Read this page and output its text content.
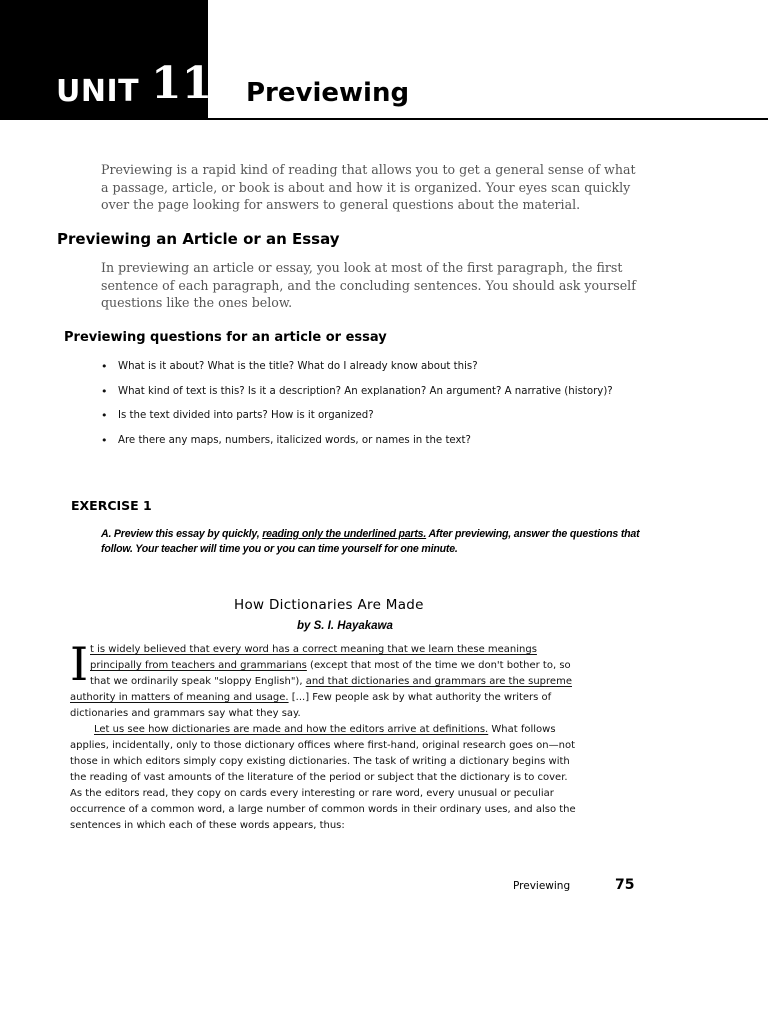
UNIT 11 Previewing

Previewing is a rapid kind of reading that allows you to get a general sense of what a passage, article, or book is about and how it is organized. Your eyes scan quickly over the page looking for answers to general questions about the material.

Previewing an Article or an Essay

In previewing an article or essay, you look at most of the first paragraph, the first sentence of each paragraph, and the concluding sentences. You should ask yourself questions like the ones below.

Previewing questions for an article or essay
• What is it about? What is the title? What do I already know about this?
• What kind of text is this? Is it a description? An explanation? An argument? A narrative (history)?
• Is the text divided into parts? How is it organized?
• Are there any maps, numbers, italicized words, or names in the text?
EXERCISE 1

A. Preview this essay by quickly, reading only the underlined parts. After previewing, answer the questions that follow. Your teacher will time you or you can time yourself for one minute.

How Dictionaries Are Made
by S. I. Hayakawa
I t is widely believed that every word has a correct meaning that we learn these meanings
principally from teachers and grammarians (except that most of the time we don't bother to, so
that we ordinarily speak "sloppy English"), and that dictionaries and grammars are the supreme
authority in matters of meaning and usage. [...] Few people ask by what authority the writers of
dictionaries and grammars say what they say.
Let us see how dictionaries are made and how the editors arrive at definitions. What follows
applies, incidentally, only to those dictionary offices where first-hand, original research goes on—not
those in which editors simply copy existing dictionaries. The task of writing a dictionary begins with
the reading of vast amounts of the literature of the period or subject that the dictionary is to cover.
As the editors read, they copy on cards every interesting or rare word, every unusual or peculiar
occurrence of a common word, a large number of common words in their ordinary uses, and also the
sentences in which each of these words appears, thus:
Previewing	75
